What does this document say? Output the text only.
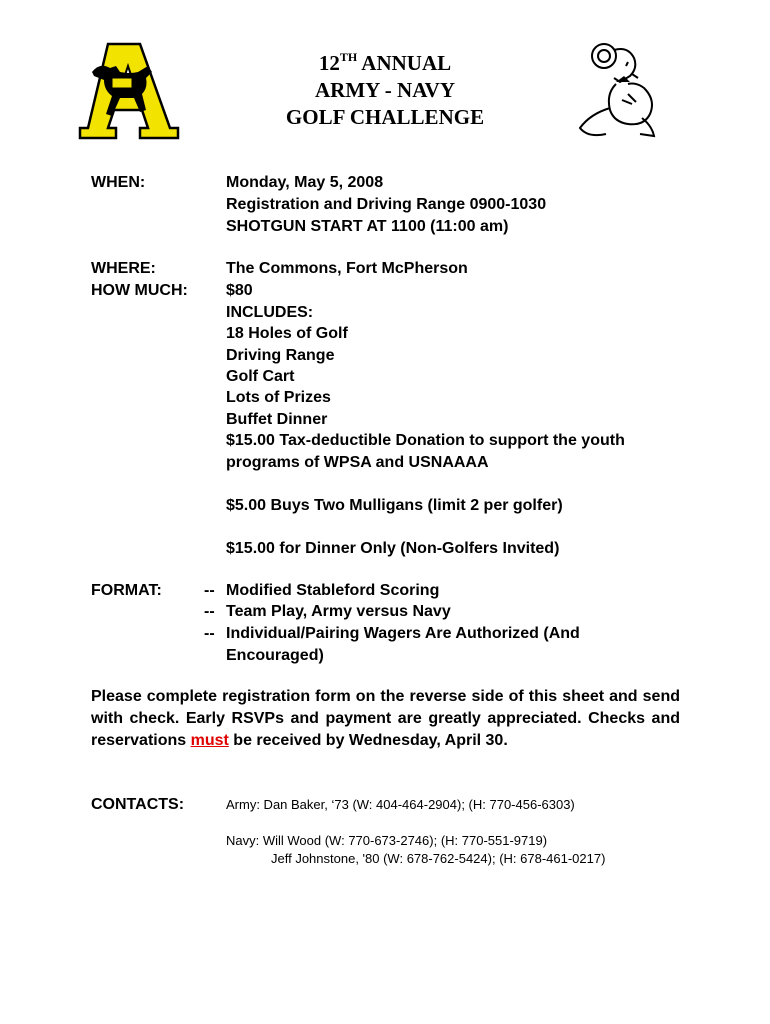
12TH ANNUAL
ARMY - NAVY
GOLF CHALLENGE
WHEN:	Monday, May 5, 2008
Registration and Driving Range 0900-1030
SHOTGUN START AT 1100 (11:00 am)
WHERE:	The Commons, Fort McPherson
HOW MUCH: $80
INCLUDES:
18 Holes of Golf
Driving Range
Golf Cart
Lots of Prizes
Buffet Dinner
$15.00 Tax-deductible Donation to support the youth
programs of WPSA and USNAAAA
$5.00 Buys Two Mulligans (limit 2 per golfer)
$15.00 for Dinner Only (Non-Golfers Invited)
FORMAT:	-- Modified Stableford Scoring
-- Team Play, Army versus Navy
-- Individual/Pairing Wagers Are Authorized (And
Encouraged)
Please complete registration form on the reverse side of this sheet and send with check. Early RSVPs and payment are greatly appreciated. Checks and reservations must be received by Wednesday, April 30.
CONTACTS:	Army: Dan Baker, ‘73 (W: 404-464-2904); (H: 770-456-6303)
Navy: Will Wood (W: 770-673-2746); (H: 770-551-9719)
Jeff Johnstone, '80 (W: 678-762-5424); (H: 678-461-0217)
